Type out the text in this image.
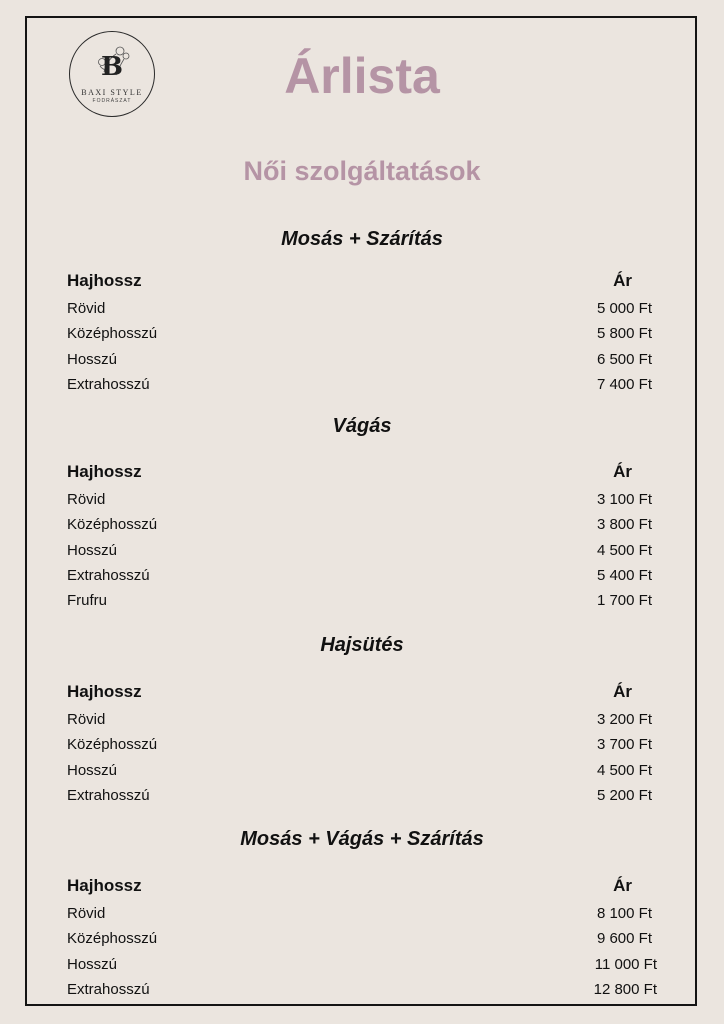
B
BAXI STYLE
FODRÁSZAT	Árlista
Női szolgáltatások
Mosás + Szárítás
Hajhossz	Ár
Rövid	5 000 Ft
Középhosszú	5 800 Ft
Hosszú	6 500 Ft
Extrahosszú	7 400 Ft
Vágás
Hajhossz	Ár
Rövid	3 100 Ft
Középhosszú	3 800 Ft
Hosszú	4 500 Ft
Extrahosszú	5 400 Ft
Frufru	1 700 Ft
Hajsütés
Hajhossz	Ár
Rövid	3 200 Ft
Középhosszú	3 700 Ft
Hosszú	4 500 Ft
Extrahosszú	5 200 Ft
Mosás + Vágás + Szárítás
Hajhossz	Ár
Rövid	8 100 Ft
Középhosszú	9 600 Ft
Hosszú	11 000 Ft
Extrahosszú	12 800 Ft
